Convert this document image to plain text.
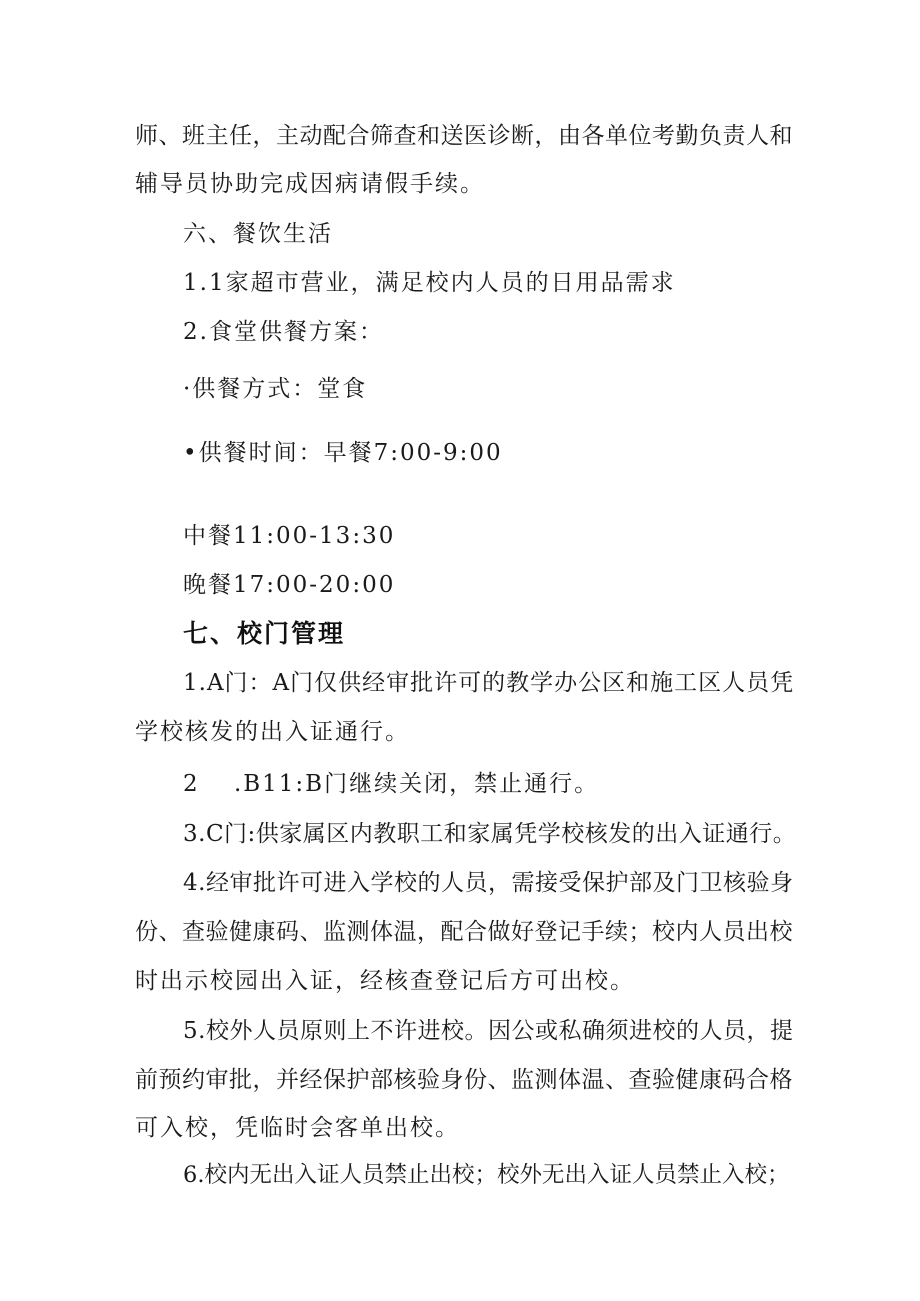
师、班主任，主动配合筛查和送医诊断，由各单位考勤负责人和
辅导员协助完成因病请假手续。
六、餐饮生活
1.1家超市营业，满足校内人员的日用品需求
2.食堂供餐方案：
·供餐方式：堂食
•供餐时间：早餐7:00-9:00
中餐11:00-13:30
晚餐17:00-20:00
七、校门管理
1.A门：A门仅供经审批许可的教学办公区和施工区人员凭
学校核发的出入证通行。
2　 .B11:B门继续关闭，禁止通行。
3.C门:供家属区内教职工和家属凭学校核发的出入证通行。
4.经审批许可进入学校的人员，需接受保护部及门卫核验身
份、查验健康码、监测体温，配合做好登记手续；校内人员出校
时出示校园出入证，经核查登记后方可出校。
5.校外人员原则上不许进校。因公或私确须进校的人员，提
前预约审批，并经保护部核验身份、监测体温、查验健康码合格
可入校，凭临时会客单出校。
6.校内无出入证人员禁止出校；校外无出入证人员禁止入校；
